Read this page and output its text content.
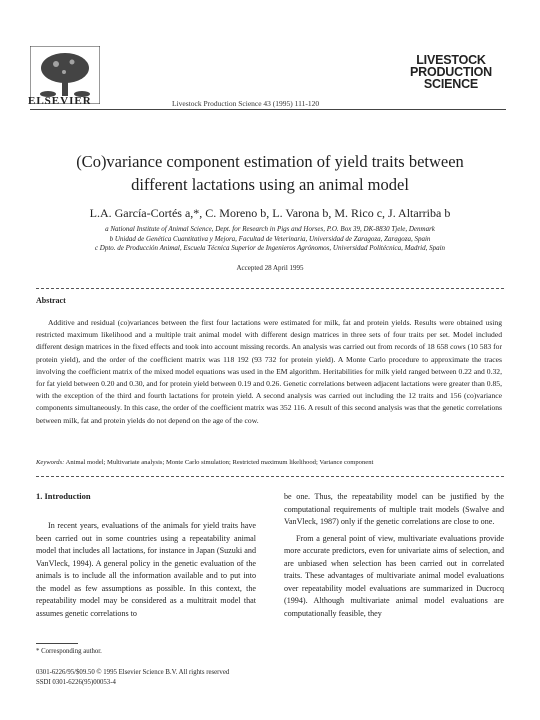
ELSEVIER	Livestock Production Science 43 (1995) 111-120
LIVESTOCK
PRODUCTION
SCIENCE
(Co)variance component estimation of yield traits between
different lactations using an animal model
L.A. García-Cortés a,*, C. Moreno b, L. Varona b, M. Rico c, J. Altarriba b
a National Institute of Animal Science, Dept. for Research in Pigs and Horses, P.O. Box 39, DK-8830 Tjele, Denmark
b Unidad de Genética Cuantitativa y Mejora, Facultad de Veterinaria, Universidad de Zaragoza, Zaragoza, Spain
c Dpto. de Producción Animal, Escuela Técnica Superior de Ingenieros Agrónomos, Universidad Politécnica, Madrid, Spain
Accepted 28 April 1995
Abstract
Additive and residual (co)variances between the first four lactations were estimated for milk, fat and protein yields. Results were obtained using restricted maximum likelihood and a multiple trait animal model with different design matrices in three sets of four traits per set. Model included different design matrices in the fixed effects and took into account missing records. An analysis was carried out from records of 18 658 cows (10 583 for protein yield), and the order of the coefficient matrix was 118 192 (93 732 for protein yield). A Monte Carlo procedure to approximate the traces involving the coefficient matrix of the mixed model equations was used in the EM algorithm. Heritabilities for milk yield ranged between 0.22 and 0.32, for fat yield between 0.20 and 0.30, and for protein yield between 0.19 and 0.26. Genetic correlations between adjacent lactations were greater than 0.85, with the exception of the third and fourth lactations for protein yield. A second analysis was carried out including the 12 traits and 156 (co)variance components simultaneously. In this case, the order of the coefficient matrix was 352 116. A result of this second analysis was that the genetic correlations between milk, fat and protein yields do not depend on the age of the cow.
Keywords: Animal model; Multivariate analysis; Monte Carlo simulation; Restricted maximum likelihood; Variance component
1. Introduction

In recent years, evaluations of the animals for yield traits have been carried out in some countries using a repeatability animal model that includes all lactations, for instance in Japan (Suzuki and VanVleck, 1994). A general policy in the genetic evaluation of the animals is to include all the information available and to put into the model as few assumptions as possible. In this context, the repeatability model may be considered as a multitrait model that assumes genetic correlations to

be one. Thus, the repeatability model can be justified by the computational requirements of multiple trait models (Swalve and VanVleck, 1987) only if the genetic correlations are close to one.

From a general point of view, multivariate evaluations provide more accurate predictors, even for univariate aims of selection, and are unbiased when selection has been carried out in correlated traits. These advantages of multivariate animal model evaluations over repeatability model evaluations are summarized in Ducrocq (1994). Although multivariate animal model evaluations are computationally feasible, they

* Corresponding author.
0301-6226/95/$09.50 © 1995 Elsevier Science B.V. All rights reserved
SSDI 0301-6226(95)00053-4
